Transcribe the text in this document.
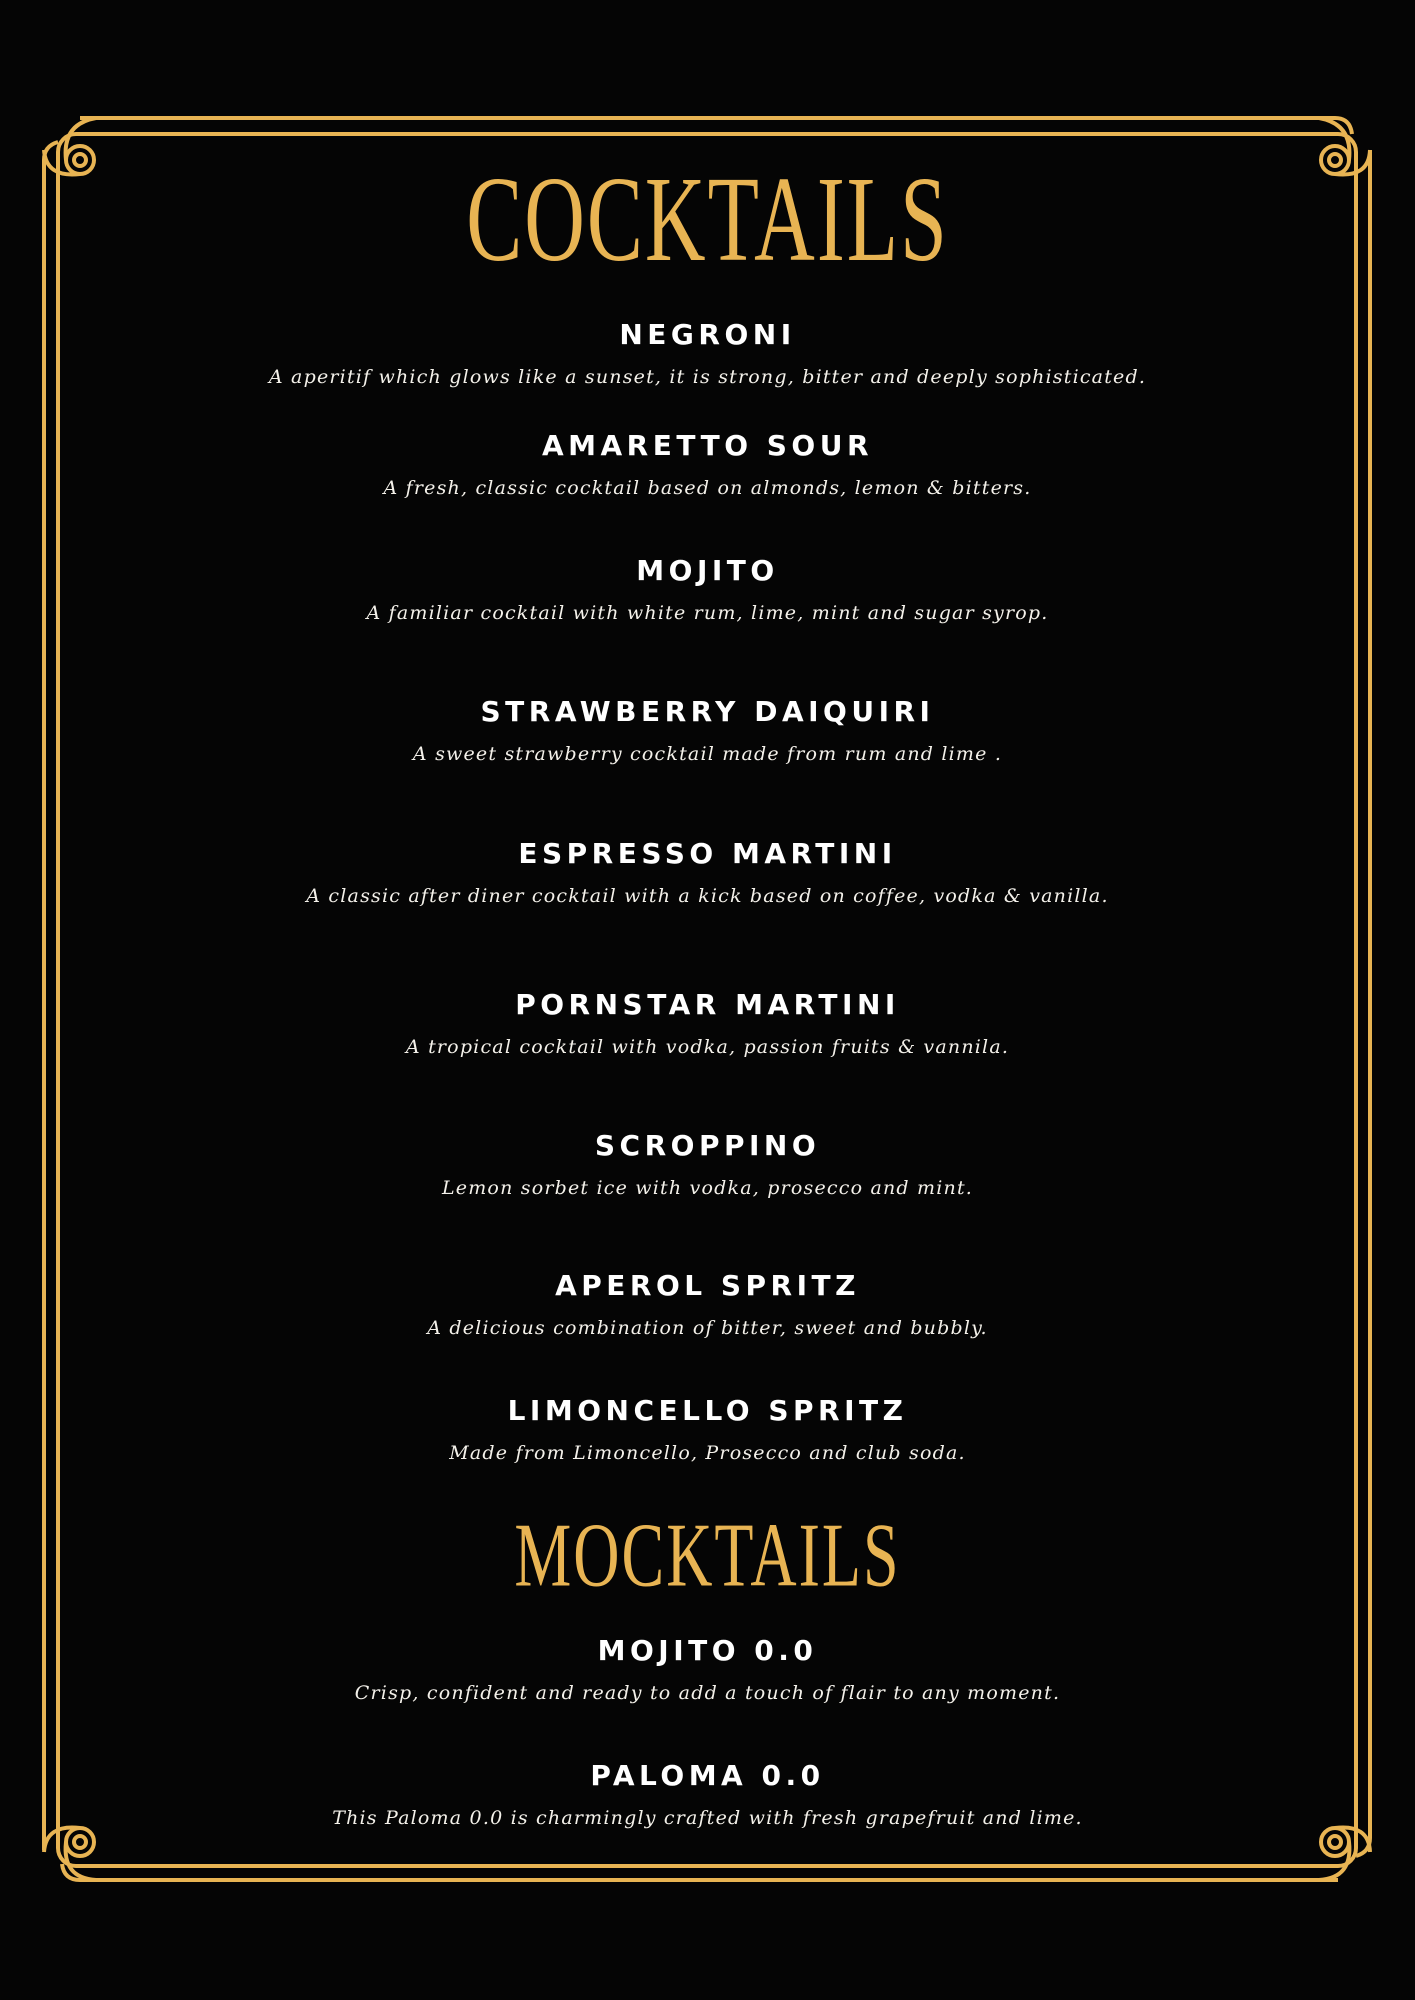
COCKTAILS
NEGRONI
A aperitif which glows like a sunset, it is strong, bitter and deeply sophisticated.
AMARETTO SOUR
A fresh, classic cocktail based on almonds, lemon & bitters.
MOJITO
A familiar cocktail with white rum, lime, mint and sugar syrop.
STRAWBERRY DAIQUIRI
A sweet strawberry cocktail made from rum and lime .
ESPRESSO MARTINI
A classic after diner cocktail with a kick based on coffee, vodka & vanilla.
PORNSTAR MARTINI
A tropical cocktail with vodka, passion fruits & vannila.
SCROPPINO
Lemon sorbet ice with vodka, prosecco and mint.
APEROL SPRITZ
A delicious combination of bitter, sweet and bubbly.
LIMONCELLO SPRITZ
Made from Limoncello, Prosecco and club soda.
MOCKTAILS
MOJITO 0.0
Crisp, confident and ready to add a touch of flair to any moment.
PALOMA 0.0
This Paloma 0.0 is charmingly crafted with fresh grapefruit and lime.
